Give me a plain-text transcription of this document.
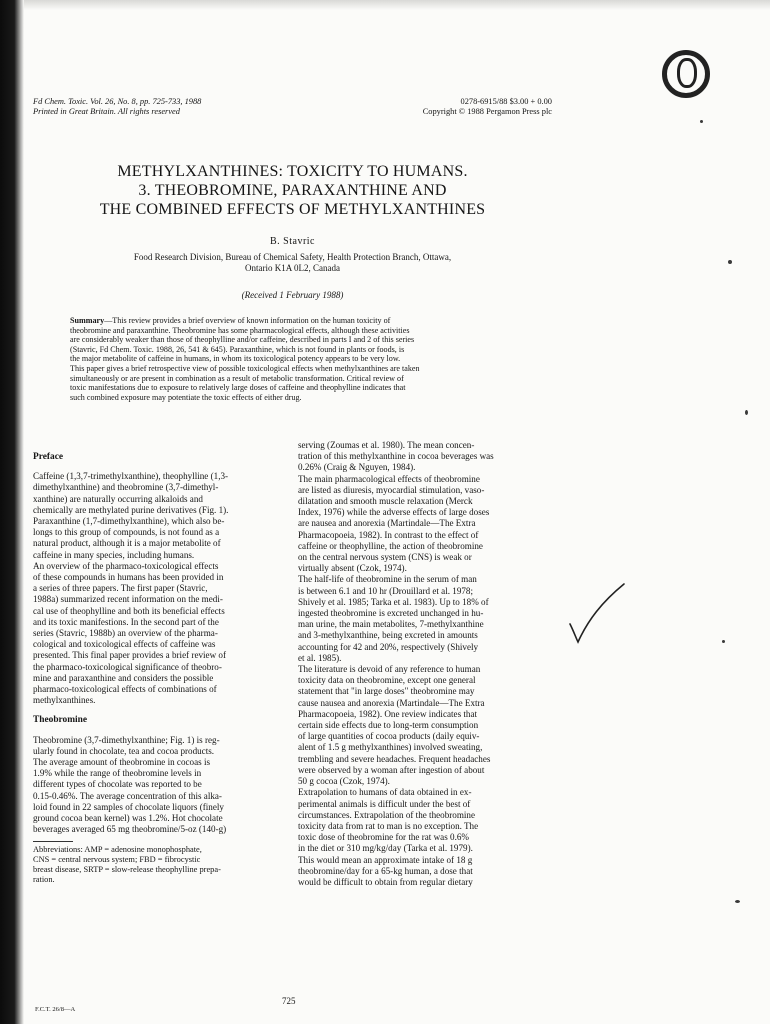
Fd Chem. Toxic. Vol. 26, No. 8, pp. 725-733, 1988
Printed in Great Britain. All rights reserved
0278-6915/88 $3.00 + 0.00
Copyright © 1988 Pergamon Press plc
METHYLXANTHINES: TOXICITY TO HUMANS.
3. THEOBROMINE, PARAXANTHINE AND
THE COMBINED EFFECTS OF METHYLXANTHINES
B. Stavric
Food Research Division, Bureau of Chemical Safety, Health Protection Branch, Ottawa,
Ontario K1A 0L2, Canada
(Received 1 February 1988)
Summary—This review provides a brief overview of known information on the human toxicity of
theobromine and paraxanthine. Theobromine has some pharmacological effects, although these activities
are considerably weaker than those of theophylline and/or caffeine, described in parts I and 2 of this series
(Stavric, Fd Chem. Toxic. 1988, 26, 541 & 645). Paraxanthine, which is not found in plants or foods, is
the major metabolite of caffeine in humans, in whom its toxicological potency appears to be very low.
This paper gives a brief retrospective view of possible toxicological effects when methylxanthines are taken
simultaneously or are present in combination as a result of metabolic transformation. Critical review of
toxic manifestations due to exposure to relatively large doses of caffeine and theophylline indicates that
such combined exposure may potentiate the toxic effects of either drug.
Preface
Caffeine (1,3,7-trimethylxanthine), theophylline (1,3-
dimethylxanthine) and theobromine (3,7-dimethyl-
xanthine) are naturally occurring alkaloids and
chemically are methylated purine derivatives (Fig. 1).
Paraxanthine (1,7-dimethylxanthine), which also be-
longs to this group of compounds, is not found as a
natural product, although it is a major metabolite of
caffeine in many species, including humans.
An overview of the pharmaco-toxicological effects
of these compounds in humans has been provided in
a series of three papers. The first paper (Stavric,
1988a) summarized recent information on the medi-
cal use of theophylline and both its beneficial effects
and its toxic manifestions. In the second part of the
series (Stavric, 1988b) an overview of the pharma-
cological and toxicological effects of caffeine was
presented. This final paper provides a brief review of
the pharmaco-toxicological significance of theobro-
mine and paraxanthine and considers the possible
pharmaco-toxicological effects of combinations of
methylxanthines.
Theobromine
Theobromine (3,7-dimethylxanthine; Fig. 1) is reg-
ularly found in chocolate, tea and cocoa products.
The average amount of theobromine in cocoas is
1.9% while the range of theobromine levels in
different types of chocolate was reported to be
0.15-0.46%. The average concentration of this alka-
loid found in 22 samples of chocolate liquors (finely
ground cocoa bean kernel) was 1.2%. Hot chocolate
beverages averaged 65 mg theobromine/5-oz (140-g)
Abbreviations: AMP = adenosine monophosphate,
CNS = central nervous system; FBD = fibrocystic
breast disease, SRTP = slow-release theophylline prepa-
ration.
serving (Zoumas et al. 1980). The mean concen-
tration of this methylxanthine in cocoa beverages was
0.26% (Craig & Nguyen, 1984).
The main pharmacological effects of theobromine
are listed as diuresis, myocardial stimulation, vaso-
dilatation and smooth muscle relaxation (Merck
Index, 1976) while the adverse effects of large doses
are nausea and anorexia (Martindale—The Extra
Pharmacopoeia, 1982). In contrast to the effect of
caffeine or theophylline, the action of theobromine
on the central nervous system (CNS) is weak or
virtually absent (Czok, 1974).
The half-life of theobromine in the serum of man
is between 6.1 and 10 hr (Drouillard et al. 1978;
Shively et al. 1985; Tarka et al. 1983). Up to 18% of
ingested theobromine is excreted unchanged in hu-
man urine, the main metabolites, 7-methylxanthine
and 3-methylxanthine, being excreted in amounts
accounting for 42 and 20%, respectively (Shively
et al. 1985).
The literature is devoid of any reference to human
toxicity data on theobromine, except one general
statement that "in large doses" theobromine may
cause nausea and anorexia (Martindale—The Extra
Pharmacopoeia, 1982). One review indicates that
certain side effects due to long-term consumption
of large quantities of cocoa products (daily equiv-
alent of 1.5 g methylxanthines) involved sweating,
trembling and severe headaches. Frequent headaches
were observed by a woman after ingestion of about
50 g cocoa (Czok, 1974).
Extrapolation to humans of data obtained in ex-
perimental animals is difficult under the best of
circumstances. Extrapolation of the theobromine
toxicity data from rat to man is no exception. The
toxic dose of theobromine for the rat was 0.6%
in the diet or 310 mg/kg/day (Tarka et al. 1979).
This would mean an approximate intake of 18 g
theobromine/day for a 65-kg human, a dose that
would be difficult to obtain from regular dietary
725
F.C.T. 26/8—A
